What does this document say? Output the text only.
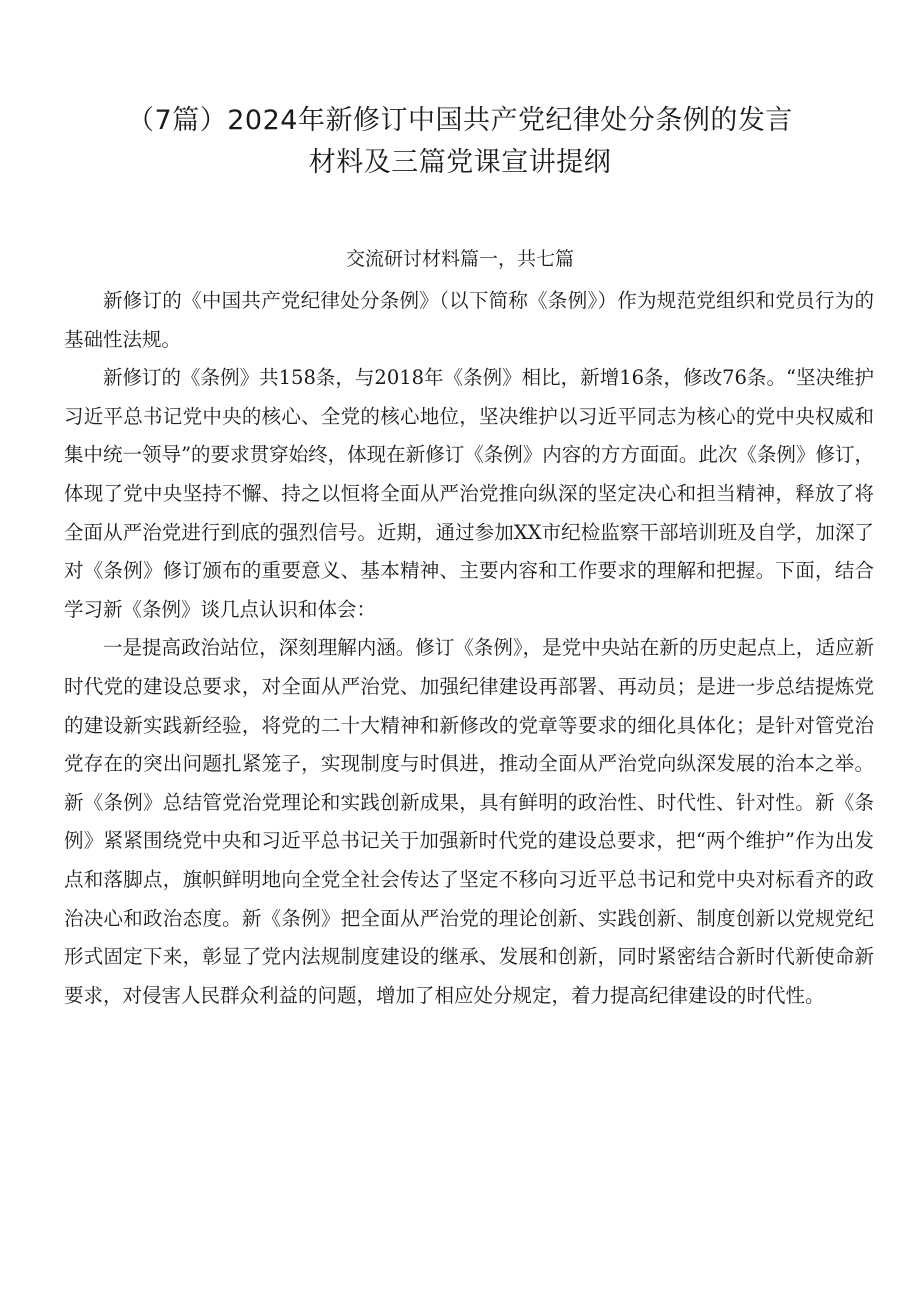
（7篇）2024年新修订中国共产党纪律处分条例的发言
材料及三篇党课宣讲提纲
交流研讨材料篇一，共七篇

新修订的《中国共产党纪律处分条例》（以下简称《条例》）作为规范党组织和党员行为的基础性法规。

新修订的《条例》共158条，与2018年《条例》相比，新增16条，修改76条。“坚决维护习近平总书记党中央的核心、全党的核心地位，坚决维护以习近平同志为核心的党中央权威和集中统一领导”的要求贯穿始终，体现在新修订《条例》内容的方方面面。此次《条例》修订，体现了党中央坚持不懈、持之以恒将全面从严治党推向纵深的坚定决心和担当精神，释放了将全面从严治党进行到底的强烈信号。近期，通过参加XX市纪检监察干部培训班及自学，加深了对《条例》修订颁布的重要意义、基本精神、主要内容和工作要求的理解和把握。下面，结合学习新《条例》谈几点认识和体会：

一是提高政治站位，深刻理解内涵。修订《条例》，是党中央站在新的历史起点上，适应新时代党的建设总要求，对全面从严治党、加强纪律建设再部署、再动员；是进一步总结提炼党的建设新实践新经验，将党的二十大精神和新修改的党章等要求的细化具体化；是针对管党治党存在的突出问题扎紧笼子，实现制度与时俱进，推动全面从严治党向纵深发展的治本之举。新《条例》总结管党治党理论和实践创新成果，具有鲜明的政治性、时代性、针对性。新《条例》紧紧围绕党中央和习近平总书记关于加强新时代党的建设总要求，把“两个维护”作为出发点和落脚点，旗帜鲜明地向全党全社会传达了坚定不移向习近平总书记和党中央对标看齐的政治决心和政治态度。新《条例》把全面从严治党的理论创新、实践创新、制度创新以党规党纪形式固定下来，彰显了党内法规制度建设的继承、发展和创新，同时紧密结合新时代新使命新要求，对侵害人民群众利益的问题，增加了相应处分规定，着力提高纪律建设的时代性。
